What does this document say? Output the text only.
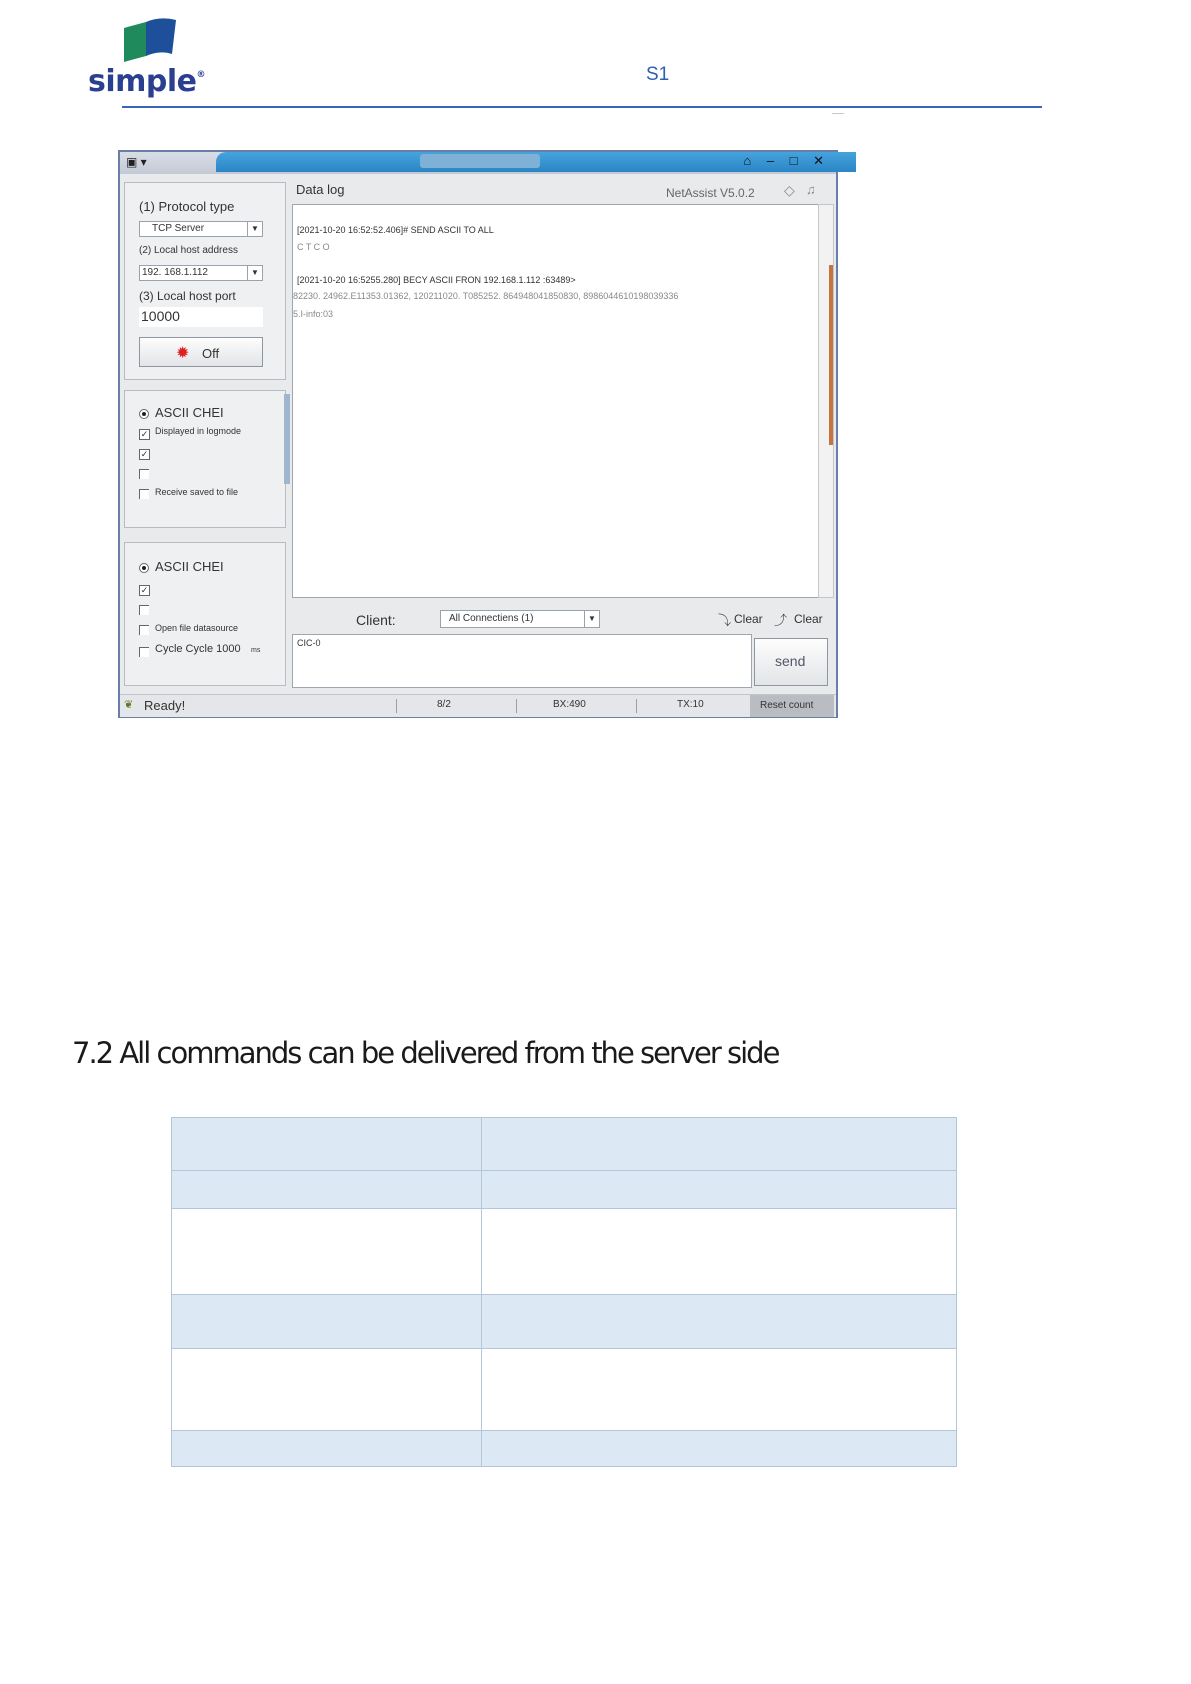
simple®	S1
▣ ▾	⌂ – □ ✕
(1) Protocol type
TCP Server	▼
(2) Local host address
192. 168.1.112	▼
(3) Local host port
10000
✹ Off
ASCII CHEI
✓ Displayed in logmode
✓
Receive saved to file
ASCII CHEI
✓
Open file datasource
Cycle Cycle 1000 ms
Data log	NetAssist V5.0.2 ◇ ♫
[2021-10-20 16:52:52.406]# SEND ASCII TO ALL
C T C O
[2021-10-20 16:5255.280] BECY ASCII FRON 192.168.1.112 :63489>
82230. 24962.E11353.01362, 120211020. T085252. 864948041850830, 8986044610198039336
5.I-info:03
Client:	All Connectiens (1)	▼	⤵ Clear ⤴ Clear
CIC-0
send
❦ Ready!	8/2	BX:490	TX:10	Reset count
7.2 All commands can be delivered from the server side
